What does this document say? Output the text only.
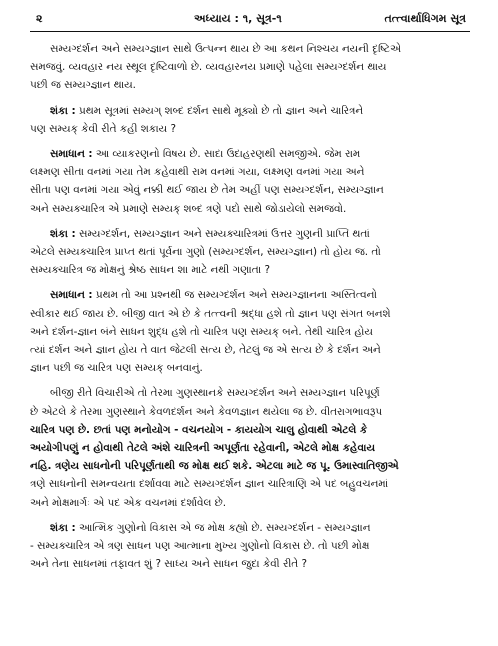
૨	અધ્યાય : ૧, સૂત્ર-૧	તત્ત્વાર્થાધિગમ સૂત્ર
સમ્યગ્દર્શન અને સમ્યગ્જ્ઞાન સાથે ઉત્પન્ન થાય છે આ કથન નિશ્ચય નયની દૃષ્ટિએ
સમજવું. વ્યવહાર નય સ્થૂલ દૃષ્ટિવાળો છે. વ્યવહારનય પ્રમાણે પહેલા સમ્યગ્દર્શન થાય
પછી જ સમ્યગ્જ્ઞાન થાય.
શંકા : પ્રથમ સૂત્રમાં સમ્યગ્ શબ્દ દર્શન સાથે મૂક્યો છે તો જ્ઞાન અને ચારિત્રને
પણ સમ્યક્ કેવી રીતે કહી શકાય ?
સમાધાન : આ વ્યાકરણનો વિષય છે. સાદા ઉદાહરણથી સમજીએ. જેમ રામ
લક્ષ્મણ સીતા વનમાં ગયા તેમ કહેવાથી રામ વનમાં ગયા, લક્ષ્મણ વનમાં ગયા અને
સીતા પણ વનમાં ગયા એવું નક્કી થઈ જાય છે તેમ અહીં પણ સમ્યગ્દર્શન, સમ્યગ્જ્ઞાન
અને સમ્યક્ચારિત્ર એ પ્રમાણે સમ્યક્ શબ્દ ત્રણે પદો સાથે જોડાયેલો સમજવો.
શંકા : સમ્યગ્દર્શન, સમ્યગ્જ્ઞાન અને સમ્યક્ચારિત્રમાં ઉત્તર ગુણની પ્રાપ્તિ થતાં
એટલે સમ્યક્ચારિત્ર પ્રાપ્ત થતાં પૂર્વના ગુણો (સમ્યગ્દર્શન, સમ્યગ્જ્ઞાન) તો હોય જ. તો
સમ્યક્ચારિત્ર જ મોક્ષનું શ્રેષ્ઠ સાધન શા માટે નથી ગણાતા ?
સમાધાન : પ્રથમ તો આ પ્રશ્નથી જ સમ્યગ્દર્શન અને સમ્યગ્જ્ઞાનના અસ્તિત્વનો
સ્વીકાર થઈ જાય છે. બીજી વાત એ છે કે તત્ત્વની શ્રદ્ધા હશે તો જ્ઞાન પણ સંગત બનશે
અને દર્શન-જ્ઞાન બંને સાધન શુદ્ધ હશે તો ચારિત્ર પણ સમ્યક્ બને. તેથી ચારિત્ર હોય
ત્યાં દર્શન અને જ્ઞાન હોય તે વાત જેટલી સત્ય છે, તેટલું જ એ સત્ય છે કે દર્શન અને
જ્ઞાન પછી જ ચારિત્ર પણ સમ્યક્ બનવાનું.
બીજી રીતે વિચારીએ તો તેરમા ગુણસ્થાનકે સમ્યગ્દર્શન અને સમ્યગ્જ્ઞાન પરિપૂર્ણ
છે એટલે કે તેરમા ગુણસ્થાને કેવળદર્શન અને કેવળજ્ઞાન થયેલા જ છે. વીતરાગભાવરૂપ
ચારિત્ર પણ છે. છતાં પણ મનોયોગ - વચનયોગ - કાયયોગ ચાલુ હોવાથી એટલે કે
અયોગીપણું ન હોવાથી તેટલે અંશે ચારિત્રની અપૂર્ણતા રહેવાની, એટલે મોક્ષ કહેવાય
નહિ. ત્રણેય સાધનોની પરિપૂર્ણતાથી જ મોક્ષ થઈ શકે. એટલા માટે જ પૂ. ઉમાસ્વાતિજીએ
ત્રણે સાધનોની સમન્વયતા દર્શાવવા માટે સમ્યગ્દર્શન જ્ઞાન ચારિત્રાણિ એ પદ બહુવચનમાં
અને મોક્ષમાર્ગઃ એ પદ એક વચનમાં દર્શાવેલ છે.
શંકા : આત્મિક ગુણોનો વિકાસ એ જ મોક્ષ કહ્યો છે. સમ્યગ્દર્શન - સમ્યગ્જ્ઞાન
- સમ્યક્ચારિત્ર એ ત્રણ સાધન પણ આત્માના મુખ્ય ગુણોનો વિકાસ છે. તો પછી મોક્ષ
અને તેના સાધનમાં તફાવત શું ? સાધ્ય અને સાધન જુદા કેવી રીતે ?
